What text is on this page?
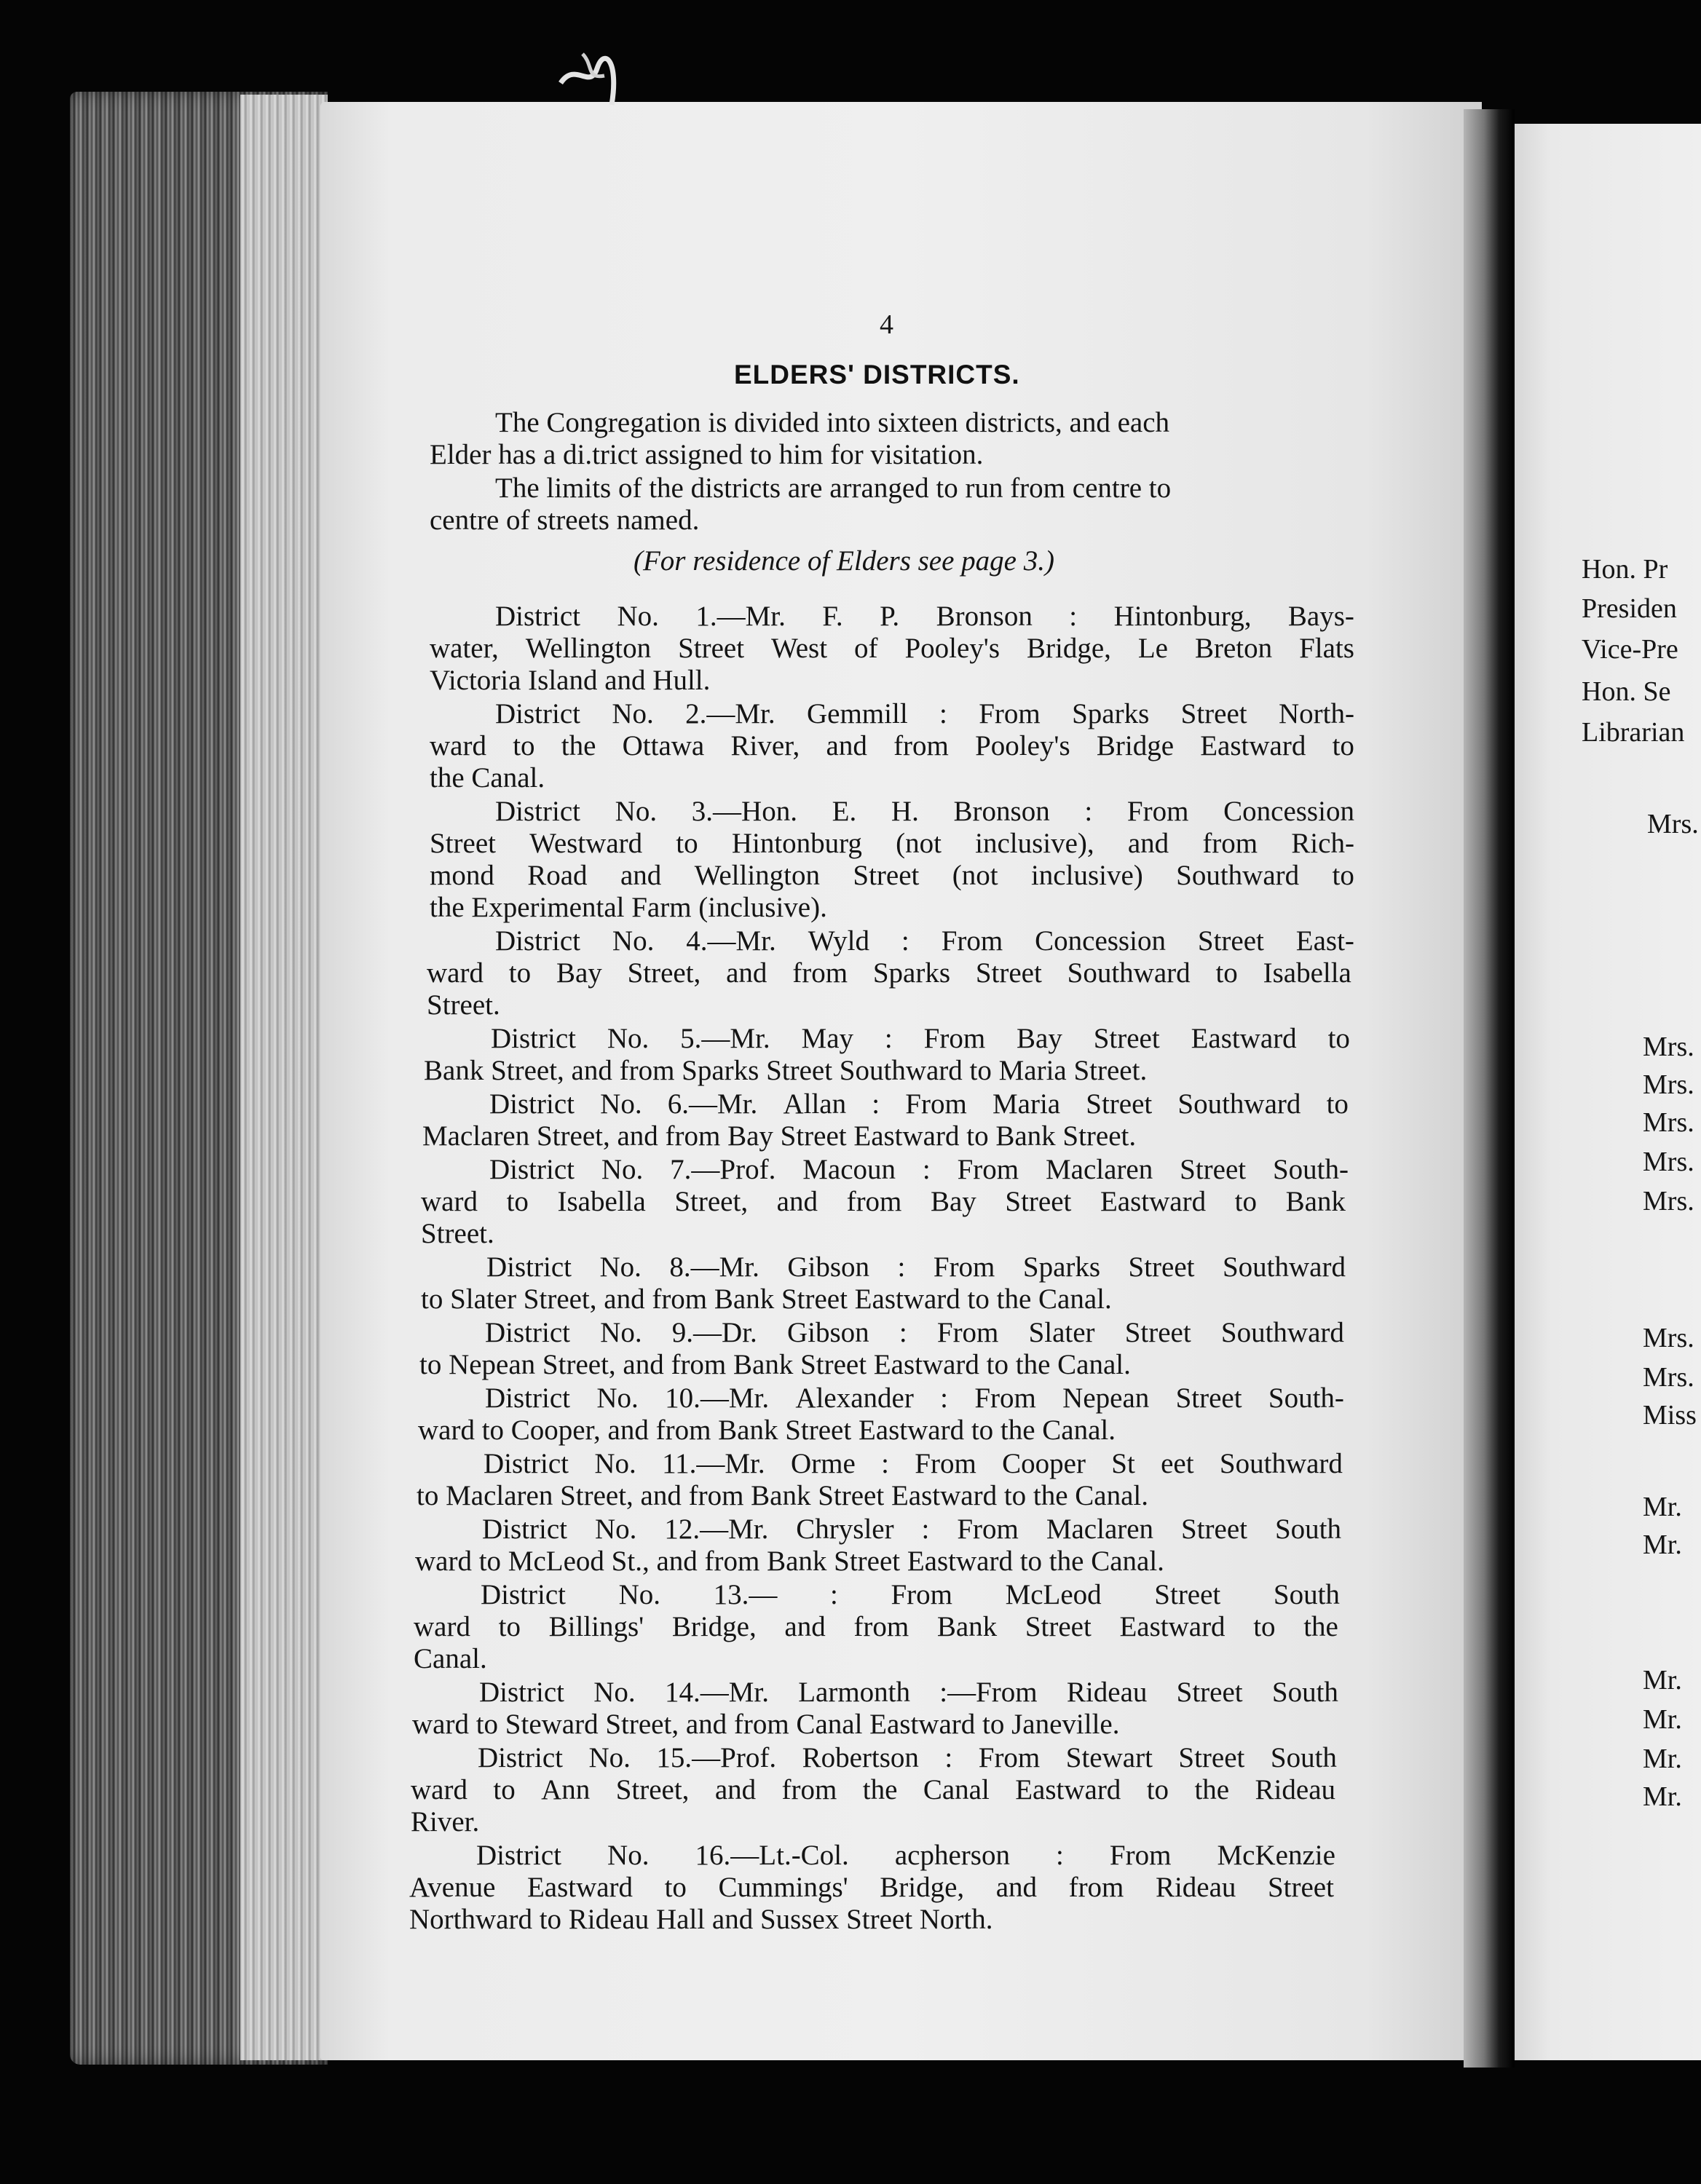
4
ELDERS' DISTRICTS.
The Congregation is divided into sixteen districts, and each
Elder has a di.trict assigned to him for visitation.
The limits of the districts are arranged to run from centre to
centre of streets named.
(For residence of Elders see page 3.)
District No. 1.—Mr. F. P. Bronson : Hintonburg, Bays-
water, Wellington Street West of Pooley's Bridge, Le Breton Flats
Victoria Island and Hull.
District No. 2.—Mr. Gemmill : From Sparks Street North-
ward to the Ottawa River, and from Pooley's Bridge Eastward to
the Canal.
District No. 3.—Hon. E. H. Bronson : From Concession
Street Westward to Hintonburg (not inclusive), and from Rich-
mond Road and Wellington Street (not inclusive) Southward to
the Experimental Farm (inclusive).
District No. 4.—Mr. Wyld : From Concession Street East-
ward to Bay Street, and from Sparks Street Southward to Isabella
Street.
District No. 5.—Mr. May : From Bay Street Eastward to
Bank Street, and from Sparks Street Southward to Maria Street.
District No. 6.—Mr. Allan : From Maria Street Southward to
Maclaren Street, and from Bay Street Eastward to Bank Street.
District No. 7.—Prof. Macoun : From Maclaren Street South-
ward to Isabella Street, and from Bay Street Eastward to Bank
Street.
District No. 8.—Mr. Gibson : From Sparks Street Southward
to Slater Street, and from Bank Street Eastward to the Canal.
District No. 9.—Dr. Gibson : From Slater Street Southward
to Nepean Street, and from Bank Street Eastward to the Canal.
District No. 10.—Mr. Alexander : From Nepean Street South-
ward to Cooper, and from Bank Street Eastward to the Canal.
District No. 11.—Mr. Orme : From Cooper St eet Southward
to Maclaren Street, and from Bank Street Eastward to the Canal.
District No. 12.—Mr. Chrysler : From Maclaren Street South
ward to McLeod St., and from Bank Street Eastward to the Canal.
District No. 13.— : From McLeod Street South
ward to Billings' Bridge, and from Bank Street Eastward to the
Canal.
District No. 14.—Mr. Larmonth :—From Rideau Street South
ward to Steward Street, and from Canal Eastward to Janeville.
District No. 15.—Prof. Robertson : From Stewart Street South
ward to Ann Street, and from the Canal Eastward to the Rideau
River.
District No. 16.—Lt.-Col. acpherson : From McKenzie
Avenue Eastward to Cummings' Bridge, and from Rideau Street
Northward to Rideau Hall and Sussex Street North.
Hon. Pr
Presiden
Vice-Pre
Hon. Se
Librarian
Mrs.
Mrs.
Mrs.
Mrs.
Mrs.
Mrs.
Mrs.
Mrs.
Miss
Mr.
Mr.
Mr.
Mr.
Mr.
Mr.
